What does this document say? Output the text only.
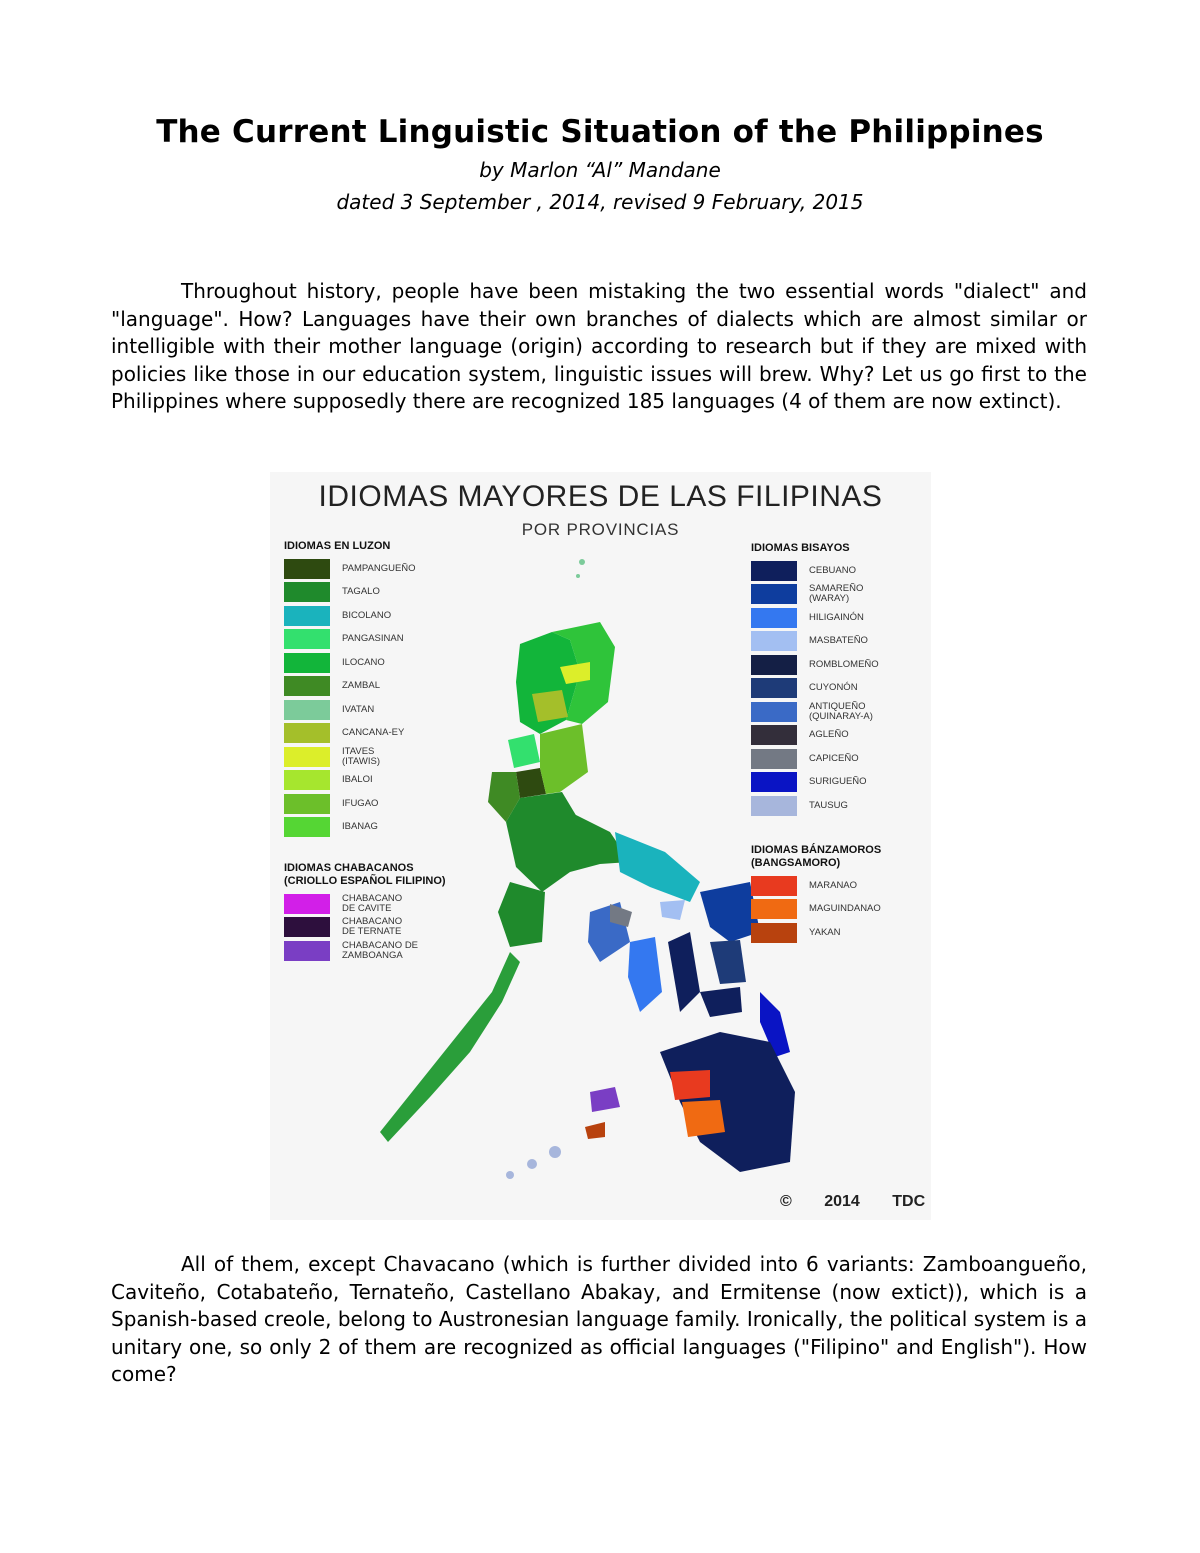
The Current Linguistic Situation of the Philippines

by Marlon “Al” Mandane

dated 3 September , 2014, revised 9 February, 2015

Throughout history, people have been mistaking the two essential words "dialect" and "language". How? Languages have their own branches of dialects which are almost similar or intelligible with their mother language (origin) according to research but if they are mixed with policies like those in our education system, linguistic issues will brew. Why? Let us go first to the Philippines where supposedly there are recognized 185 languages (4 of them are now extinct).

IDIOMAS MAYORES DE LAS FILIPINAS

POR PROVINCIAS

IDIOMAS EN LUZON
PAMPANGUEÑO
TAGALO
BICOLANO
PANGASINAN
ILOCANO
ZAMBAL
IVATAN
CANCANA-EY
ITAVES
(ITAWIS)
IBALOI
IFUGAO
IBANAG
IDIOMAS CHABACANOS
(CRIOLLO ESPAÑOL FILIPINO)
CHABACANO
DE CAVITE
CHABACANO
DE TERNATE
CHABACANO DE
ZAMBOANGA
IDIOMAS BISAYOS
CEBUANO
SAMAREÑO
(WARAY)
HILIGAINÓN
MASBATEÑO
ROMBLOMEÑO
CUYONÓN
ANTIQUEÑO
(QUINARAY-A)
AGLEÑO
CAPICEÑO
SURIGUEÑO
TAUSUG
IDIOMAS BÁNZAMOROS
(BANGSAMORO)
MARANAO
MAGUINDANAO
YAKAN

© 2014 TDC

All of them, except Chavacano (which is further divided into 6 variants: Zamboangueño, Caviteño, Cotabateño, Ternateño, Castellano Abakay, and Ermitense (now extict)), which is a Spanish-based creole, belong to Austronesian language family. Ironically, the political system is a unitary one, so only 2 of them are recognized as official languages ("Filipino" and English"). How come?
